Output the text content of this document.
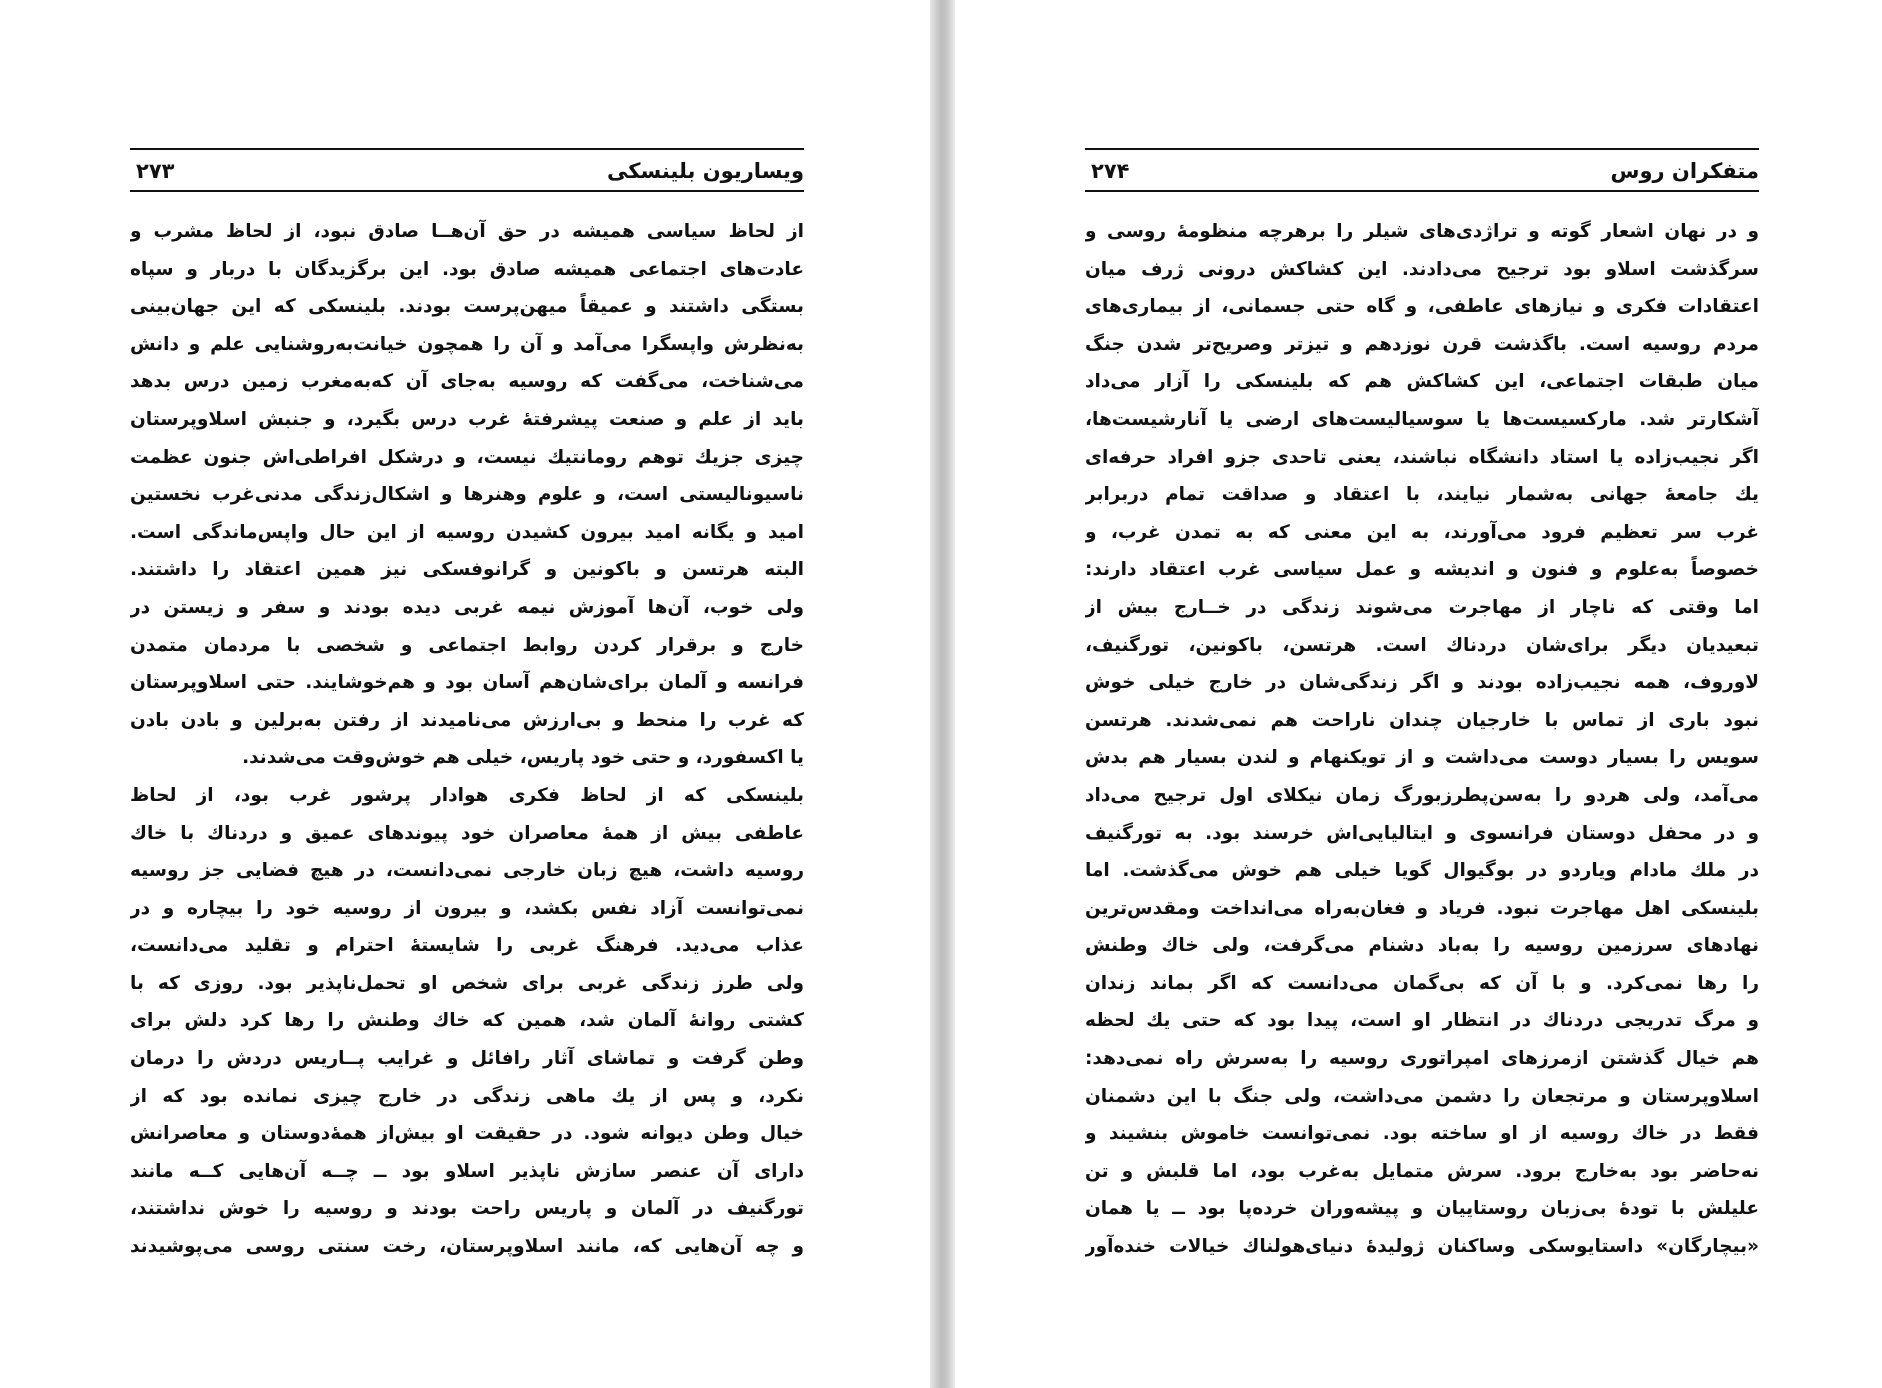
ویساریون بلینسکی
۲۷۳
از لحاظ سیاسی همیشه در حق آن‌هــا صادق نبود، از لحاظ مشرب و
عادت‌های اجتماعی همیشه صادق بود. این برگزیدگان با دربار و سپاه
بستگی داشتند و عمیقاً میهن‌پرست بودند. بلینسکی که این جهان‌بینی
به‌نظرش واپسگرا می‌آمد و آن را همچون خیانت‌به‌روشنایی علم و دانش
می‌شناخت، می‌گفت که روسیه به‌جای آن که‌به‌مغرب زمین درس بدهد
باید از علم و صنعت پیشرفتهٔ غرب درس بگیرد، و جنبش اسلاوپرستان
چیزی جزیك توهم رومانتیك نیست، و درشکل افراطی‌اش جنون عظمت
ناسیونالیستی است، و علوم وهنرها و اشکال‌زندگی مدنی‌غرب نخستین
امید و یگانه امید بیرون کشیدن روسیه از این حال واپس‌ماندگی است.
البته هرتسن و باکونین و گرانوفسکی نیز همین اعتقاد را داشتند.
ولی خوب، آن‌ها آموزش نیمه غربی دیده بودند و سفر و زیستن در
خارج و برقرار کردن روابط اجتماعی و شخصی با مردمان متمدن
فرانسه و آلمان برای‌شان‌هم آسان بود و هم‌خوشایند. حتی اسلاوپرستان
که غرب را منحط و بی‌ارزش می‌نامیدند از رفتن به‌برلین و بادن بادن
یا اکسفورد، و حتی خود پاریس، خیلی هم خوش‌وقت می‌شدند.
بلینسکی که از لحاظ فکری هوادار پرشور غرب بود، از لحاظ
عاطفی بیش از همهٔ معاصران خود پیوندهای عمیق و دردناك با خاك
روسیه داشت، هیچ زبان خارجی نمی‌دانست، در هیچ فضایی جز روسیه
نمی‌توانست آزاد نفس بکشد، و بیرون از روسیه خود را بیچاره و در
عذاب می‌دید. فرهنگ غربی را شایستهٔ احترام و تقلید می‌دانست،
ولی طرز زندگی غربی برای شخص او تحمل‌ناپذیر بود. روزی که با
کشتی روانهٔ آلمان شد، همین که خاك وطنش را رها کرد دلش برای
وطن گرفت و تماشای آثار رافائل و غرایب پــاریس دردش را درمان
نکرد، و پس از یك ماهی زندگی در خارج چیزی نمانده بود که از
خیال وطن دیوانه شود. در حقیقت او بیش‌از همهٔ‌دوستان و معاصرانش
دارای آن عنصر سازش ناپذیر اسلاو بود ــ چــه آن‌هایی کــه مانند
تورگنیف در آلمان و پاریس راحت بودند و روسیه را خوش نداشتند،
و چه آن‌هایی که، مانند اسلاوپرستان، رخت سنتی روسی می‌پوشیدند
متفکران روس
۲۷۴
و در نهان اشعار گوته و تراژدی‌های شیلر را برهرچه منظومهٔ روسی و
سرگذشت اسلاو بود ترجیح می‌دادند. این کشاکش درونی ژرف میان
اعتقادات فکری و نیازهای عاطفی، و گاه حتی جسمانی، از بیماری‌های
مردم روسیه است. باگذشت قرن نوزدهم و تیزتر وصریح‌تر شدن جنگ
میان طبقات اجتماعی، این کشاکش هم که بلینسکی را آزار می‌داد
آشکارتر شد. مارکسیست‌ها یا سوسیالیست‌های ارضی یا آنارشیست‌ها،
اگر نجیب‌زاده یا استاد دانشگاه نباشند، یعنی تاحدی جزو افراد حرفه‌ای
یك جامعهٔ جهانی به‌شمار نیایند، با اعتقاد و صداقت تمام دربرابر
غرب سر تعظیم فرود می‌آورند، به این معنی که به تمدن غرب، و
خصوصاً به‌علوم و فنون و اندیشه و عمل سیاسی غرب اعتقاد دارند:
اما وقتی که ناچار از مهاجرت می‌شوند زندگی در خــارج بیش از
تبعیدیان دیگر برای‌شان دردناك است. هرتسن، باکونین، تورگنیف،
لاوروف، همه نجیب‌زاده بودند و اگر زندگی‌شان در خارج خیلی خوش
نبود باری از تماس با خارجیان چندان ناراحت هم نمی‌شدند. هرتسن
سویس را بسیار دوست می‌داشت و از تویکنهام و لندن بسیار هم بدش
می‌آمد، ولی هردو را به‌سن‌پطرزبورگ زمان نیکلای اول ترجیح می‌داد
و در محفل دوستان فرانسوی و ایتالیایی‌اش خرسند بود. به تورگنیف
در ملك مادام ویاردو در بوگیوال گویا خیلی هم خوش می‌گذشت. اما
بلینسکی اهل مهاجرت نبود. فریاد و فغان‌به‌راه می‌انداخت ومقدس‌ترین
نهادهای سرزمین روسیه را به‌باد دشنام می‌گرفت، ولی خاك وطنش
را رها نمی‌کرد. و با آن که بی‌گمان می‌دانست که اگر بماند زندان
و مرگ تدریجی دردناك در انتظار او است، پیدا بود که حتی یك لحظه
هم خیال گذشتن ازمرزهای امپراتوری روسیه را به‌سرش راه نمی‌دهد:
اسلاوپرستان و مرتجعان را دشمن می‌داشت، ولی جنگ با این دشمنان
فقط در خاك روسیه از او ساخته بود. نمی‌توانست خاموش بنشیند و
نه‌حاضر بود به‌خارج برود. سرش متمایل به‌غرب بود، اما قلبش و تن
علیلش با تودهٔ بی‌زبان روستاییان و پیشه‌وران خرده‌پا بود ــ یا همان
«بیچارگان» داستایوسکی وساکنان ژولیدهٔ دنیای‌هولناك خیالات خنده‌آور
